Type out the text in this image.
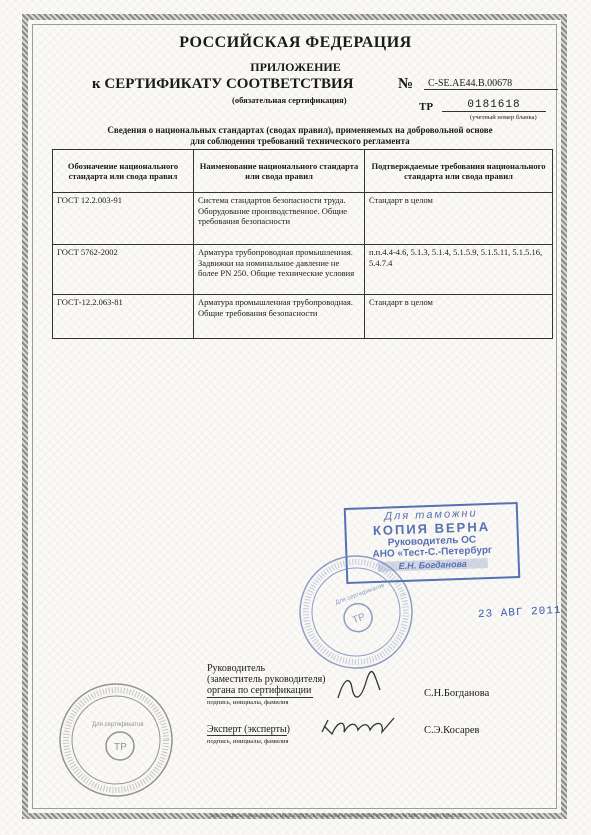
РОССИЙСКАЯ ФЕДЕРАЦИЯ
ПРИЛОЖЕНИЕ
к СЕРТИФИКАТУ СООТВЕТСТВИЯ	№	C-SE.AE44.B.00678
(обязательная сертификация)
ТР	0181618
(учетный номер бланка)
Сведения о национальных стандартах (сводах правил), применяемых на добровольной основе для соблюдения требований технического регламента
Обозначение национального стандарта или свода правил	Наименование национального стандарта или свода правил	Подтверждаемые требования национального стандарта или свода правил
ГОСТ 12.2.003-91	Система стандартов безопасности труда. Оборудование производственное. Общие требования безопасности	Стандарт в целом
ГОСТ 5762-2002	Арматура трубопроводная промышленная. Задвижки на номинальное давление не более PN 250. Общие технические условия	п.п.4.4-4.6, 5.1.3, 5.1.4, 5.1.5.9, 5.1.5.11, 5.1.5.16, 5.4.7.4
ГОСТ-12.2.063-81	Арматура промышленная трубопроводная. Общие требования безопасности	Стандарт в целом
Для таможни
КОПИЯ ВЕРНА
Руководитель ОС
АНО «Тест-С.-Петербург
Е.Н. Богданова
23 АВГ 2011
ТР
Для сертификатов
ТР
Для сертификатов
Руководитель
(заместитель руководителя)
органа по сертификации
подпись, инициалы, фамилия
С.Н.Богданова
Эксперт (эксперты)
подпись, инициалы, фамилия
С.Э.Косарев
ЗАО «ОПЦИОН», www.opcion.ru, Москва, 2010, «Б», лицензия № 05-05-09/003 ФНС РФ, ТЗ № 1097, тел. (495) 726-47-42
